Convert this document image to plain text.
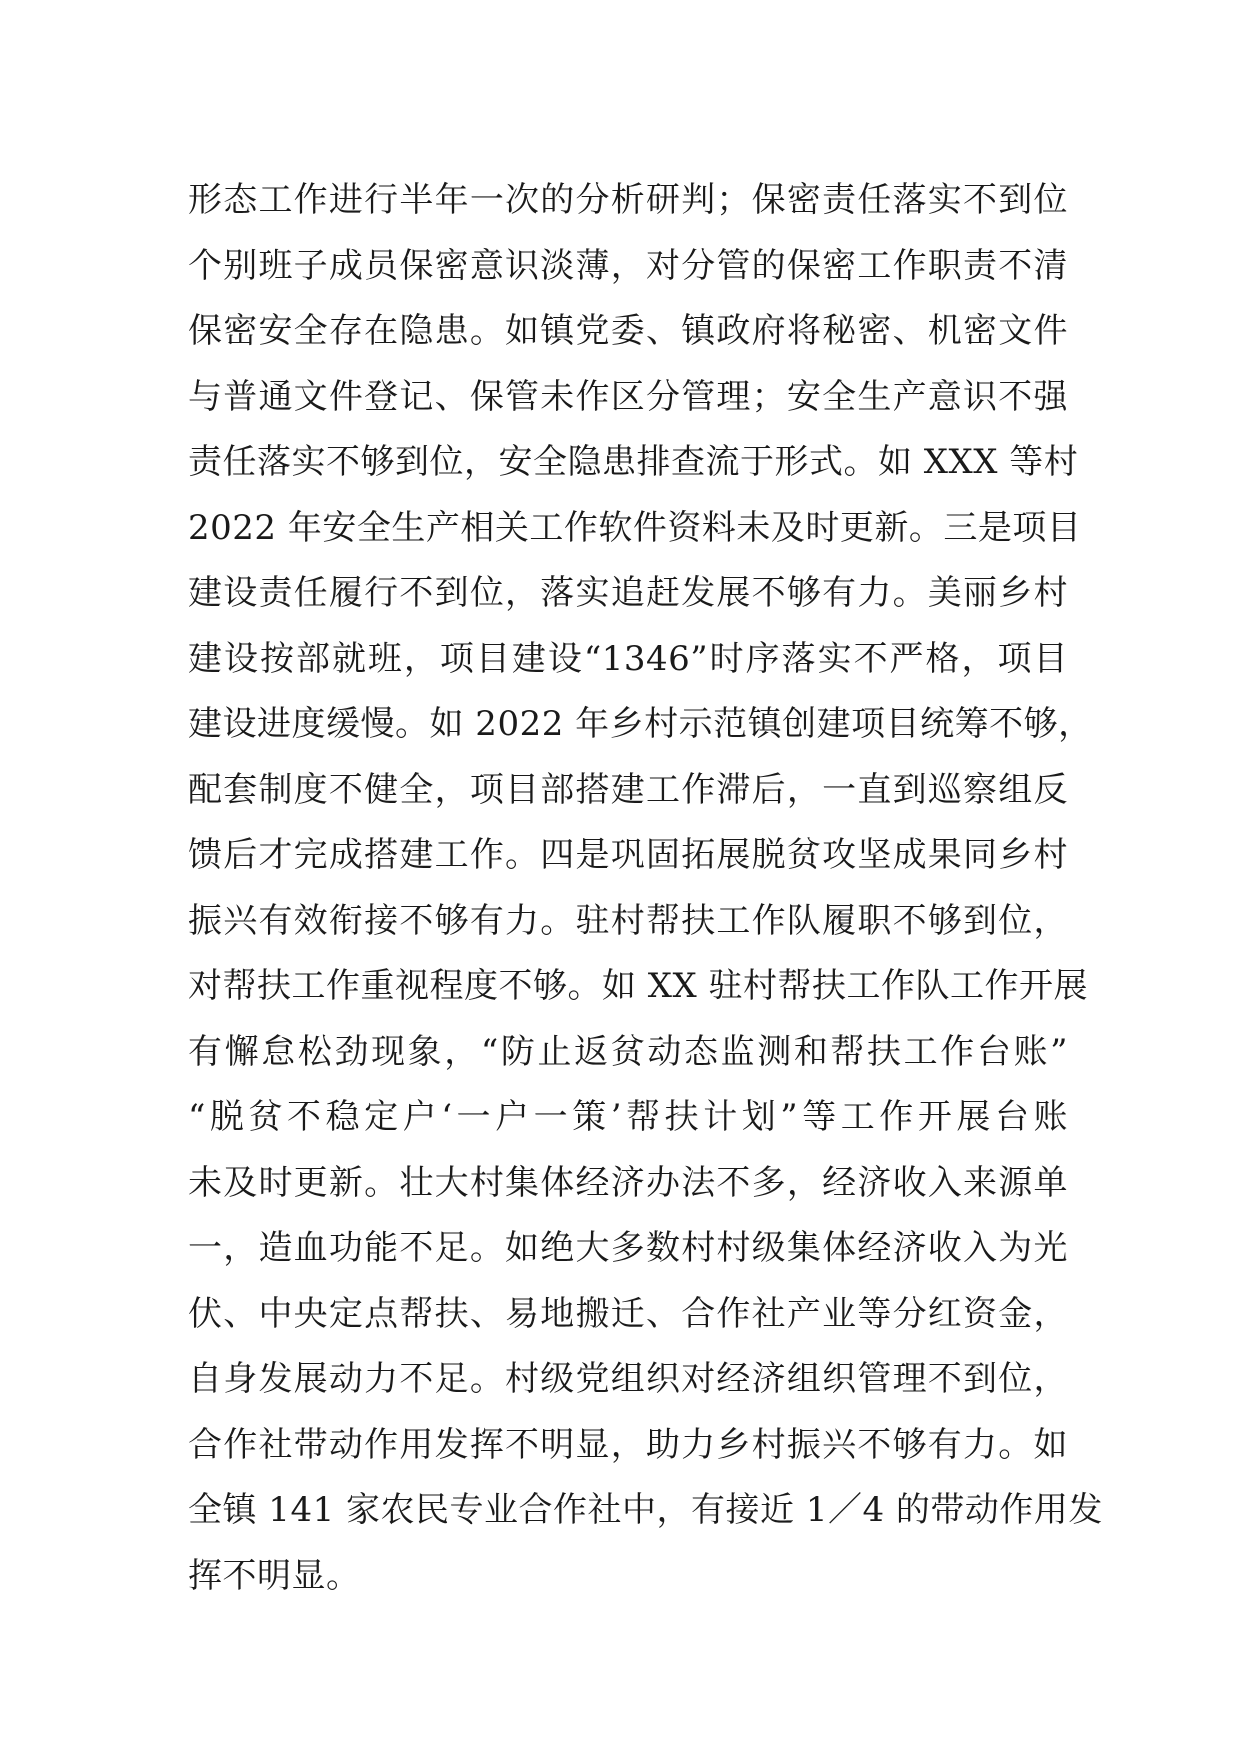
形态工作进行半年一次的分析研判；保密责任落实不到位
个别班子成员保密意识淡薄，对分管的保密工作职责不清
保密安全存在隐患。如镇党委、镇政府将秘密、机密文件
与普通文件登记、保管未作区分管理；安全生产意识不强
责任落实不够到位，安全隐患排查流于形式。如 XXX 等村
2022 年安全生产相关工作软件资料未及时更新。三是项目
建设责任履行不到位，落实追赶发展不够有力。美丽乡村
建设按部就班，项目建设“1346”时序落实不严格，项目
建设进度缓慢。如 2022 年乡村示范镇创建项目统筹不够，
配套制度不健全，项目部搭建工作滞后，一直到巡察组反
馈后才完成搭建工作。四是巩固拓展脱贫攻坚成果同乡村
振兴有效衔接不够有力。驻村帮扶工作队履职不够到位，
对帮扶工作重视程度不够。如 XX 驻村帮扶工作队工作开展
有懈怠松劲现象，“防止返贫动态监测和帮扶工作台账”
“脱贫不稳定户‘一户一策’帮扶计划”等工作开展台账
未及时更新。壮大村集体经济办法不多，经济收入来源单
一，造血功能不足。如绝大多数村村级集体经济收入为光
伏、中央定点帮扶、易地搬迁、合作社产业等分红资金，
自身发展动力不足。村级党组织对经济组织管理不到位，
合作社带动作用发挥不明显，助力乡村振兴不够有力。如
全镇 141 家农民专业合作社中，有接近 1／4 的带动作用发
挥不明显。
